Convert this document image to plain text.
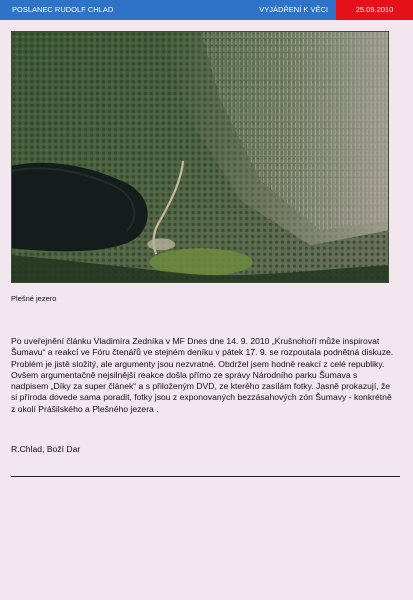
POSLANEC RUDOLF CHLAD	VYJÁDŘENÍ K VĚCI	25.09.2010
Plešné jezero

Po uveřejnění článku Vladimíra Zedníka v MF Dnes dne 14. 9. 2010 „Krušnohoří může inspirovat Šumavu“ a reakcí ve Fóru čtenářů ve stejném deníku v pátek 17. 9. se rozpoutala podnětná diskuze. Problém je jistě složitý, ale argumenty jsou nezvratné. Obdržel jsem hodně reakcí z celé republiky. Ovšem argumentačně nejsilnější reakce došla přímo ze správy Národního parku Šumava s nadpisem „Díky za super článek“ a s přiloženým DVD, ze kterého zasílám fotky. Jasně prokazují, že si příroda dovede sama poradit, fotky jsou z exponovaných bezzásahových zón Šumavy - konkrétně z okolí Prášilského a Plešného jezera .

R.Chlad, Boží Dar
